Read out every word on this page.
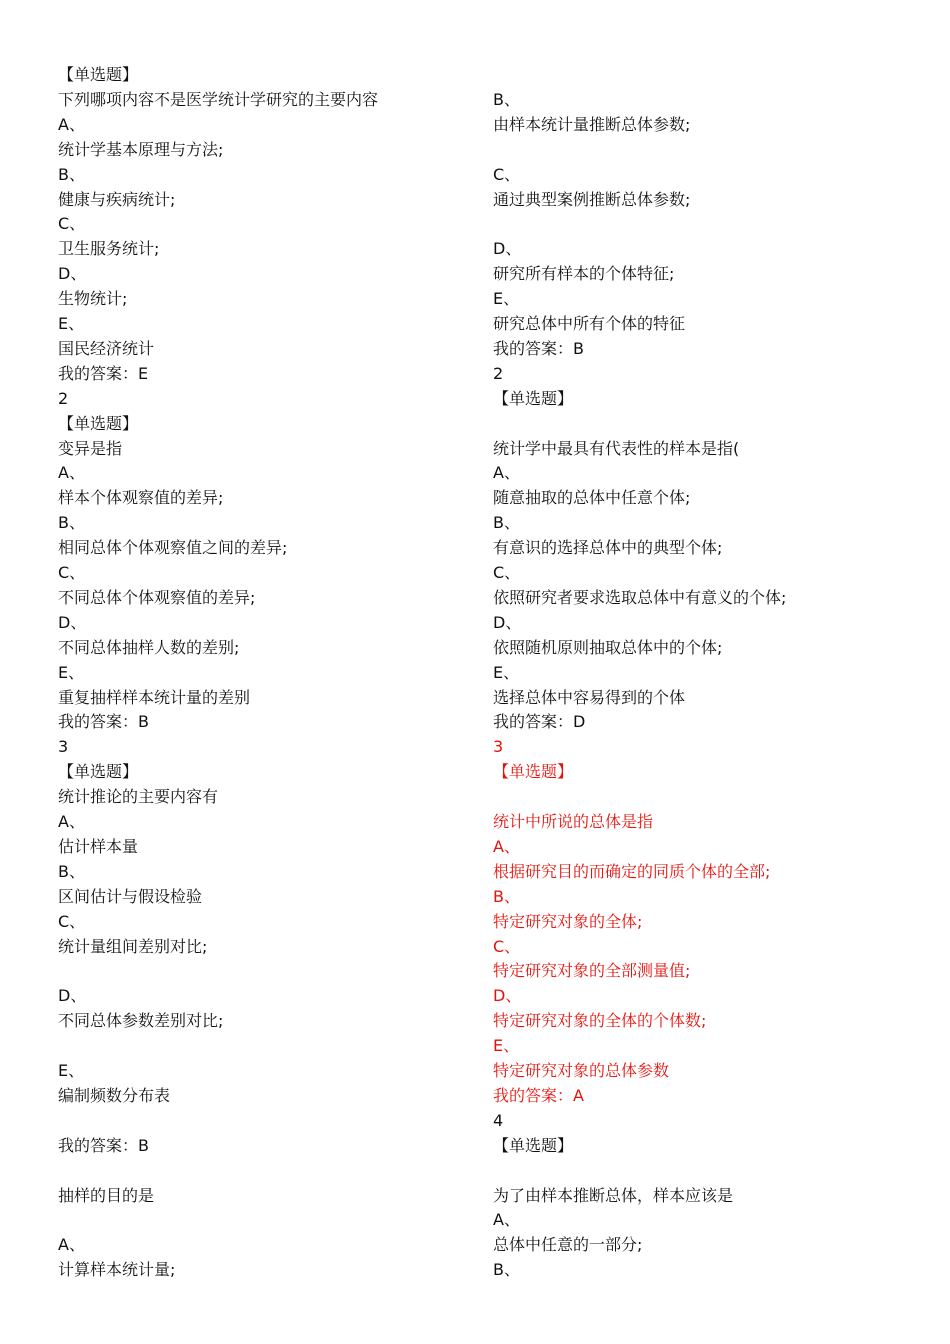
【单选题】
下列哪项内容不是医学统计学研究的主要内容
A、
统计学基本原理与方法;
B、
健康与疾病统计;
C、
卫生服务统计;
D、
生物统计;
E、
国民经济统计
我的答案：E
2
【单选题】
变异是指
A、
样本个体观察值的差异;
B、
相同总体个体观察值之间的差异;
C、
不同总体个体观察值的差异;
D、
不同总体抽样人数的差别;
E、
重复抽样样本统计量的差别
我的答案：B
3
【单选题】
统计推论的主要内容有
A、
估计样本量
B、
区间估计与假设检验
C、
统计量组间差别对比;
D、
不同总体参数差别对比;
E、
编制频数分布表
我的答案：B
抽样的目的是
A、
计算样本统计量;
B、
由样本统计量推断总体参数;
C、
通过典型案例推断总体参数;
D、
研究所有样本的个体特征;
E、
研究总体中所有个体的特征
我的答案：B
2
【单选题】
统计学中最具有代表性的样本是指(
A、
随意抽取的总体中任意个体;
B、
有意识的选择总体中的典型个体;
C、
依照研究者要求选取总体中有意义的个体;
D、
依照随机原则抽取总体中的个体;
E、
选择总体中容易得到的个体
我的答案：D
3
【单选题】
统计中所说的总体是指
A、
根据研究目的而确定的同质个体的全部;
B、
特定研究对象的全体;
C、
特定研究对象的全部测量值;
D、
特定研究对象的全体的个体数;
E、
特定研究对象的总体参数
我的答案：A
4
【单选题】
为了由样本推断总体，样本应该是
A、
总体中任意的一部分;
B、
